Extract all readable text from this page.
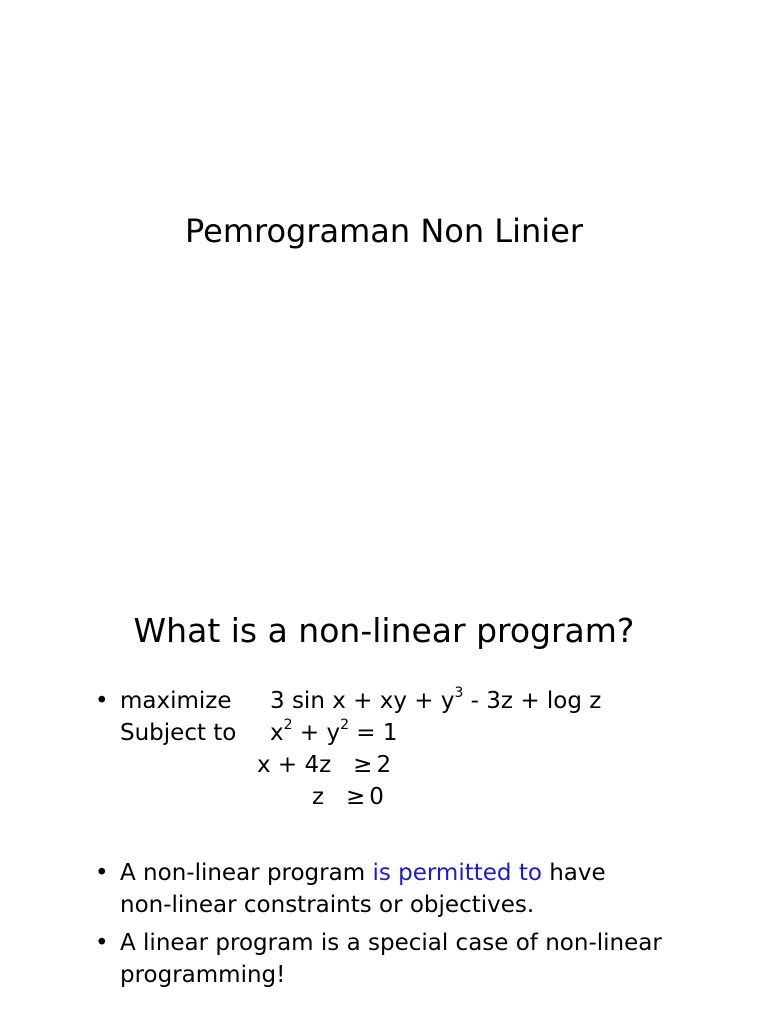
Pemrograman Non Linier
What is a non-linear program?
• maximize 3 sin x + xy + $y^3 - 3z + \log z$
Subject to $x^2 + y^2 = 1$
x + 4z ≥ 2
z ≥ 0
• A non-linear program is permitted to have
non-linear constraints or objectives.
• A linear program is a special case of non-linear
programming!
